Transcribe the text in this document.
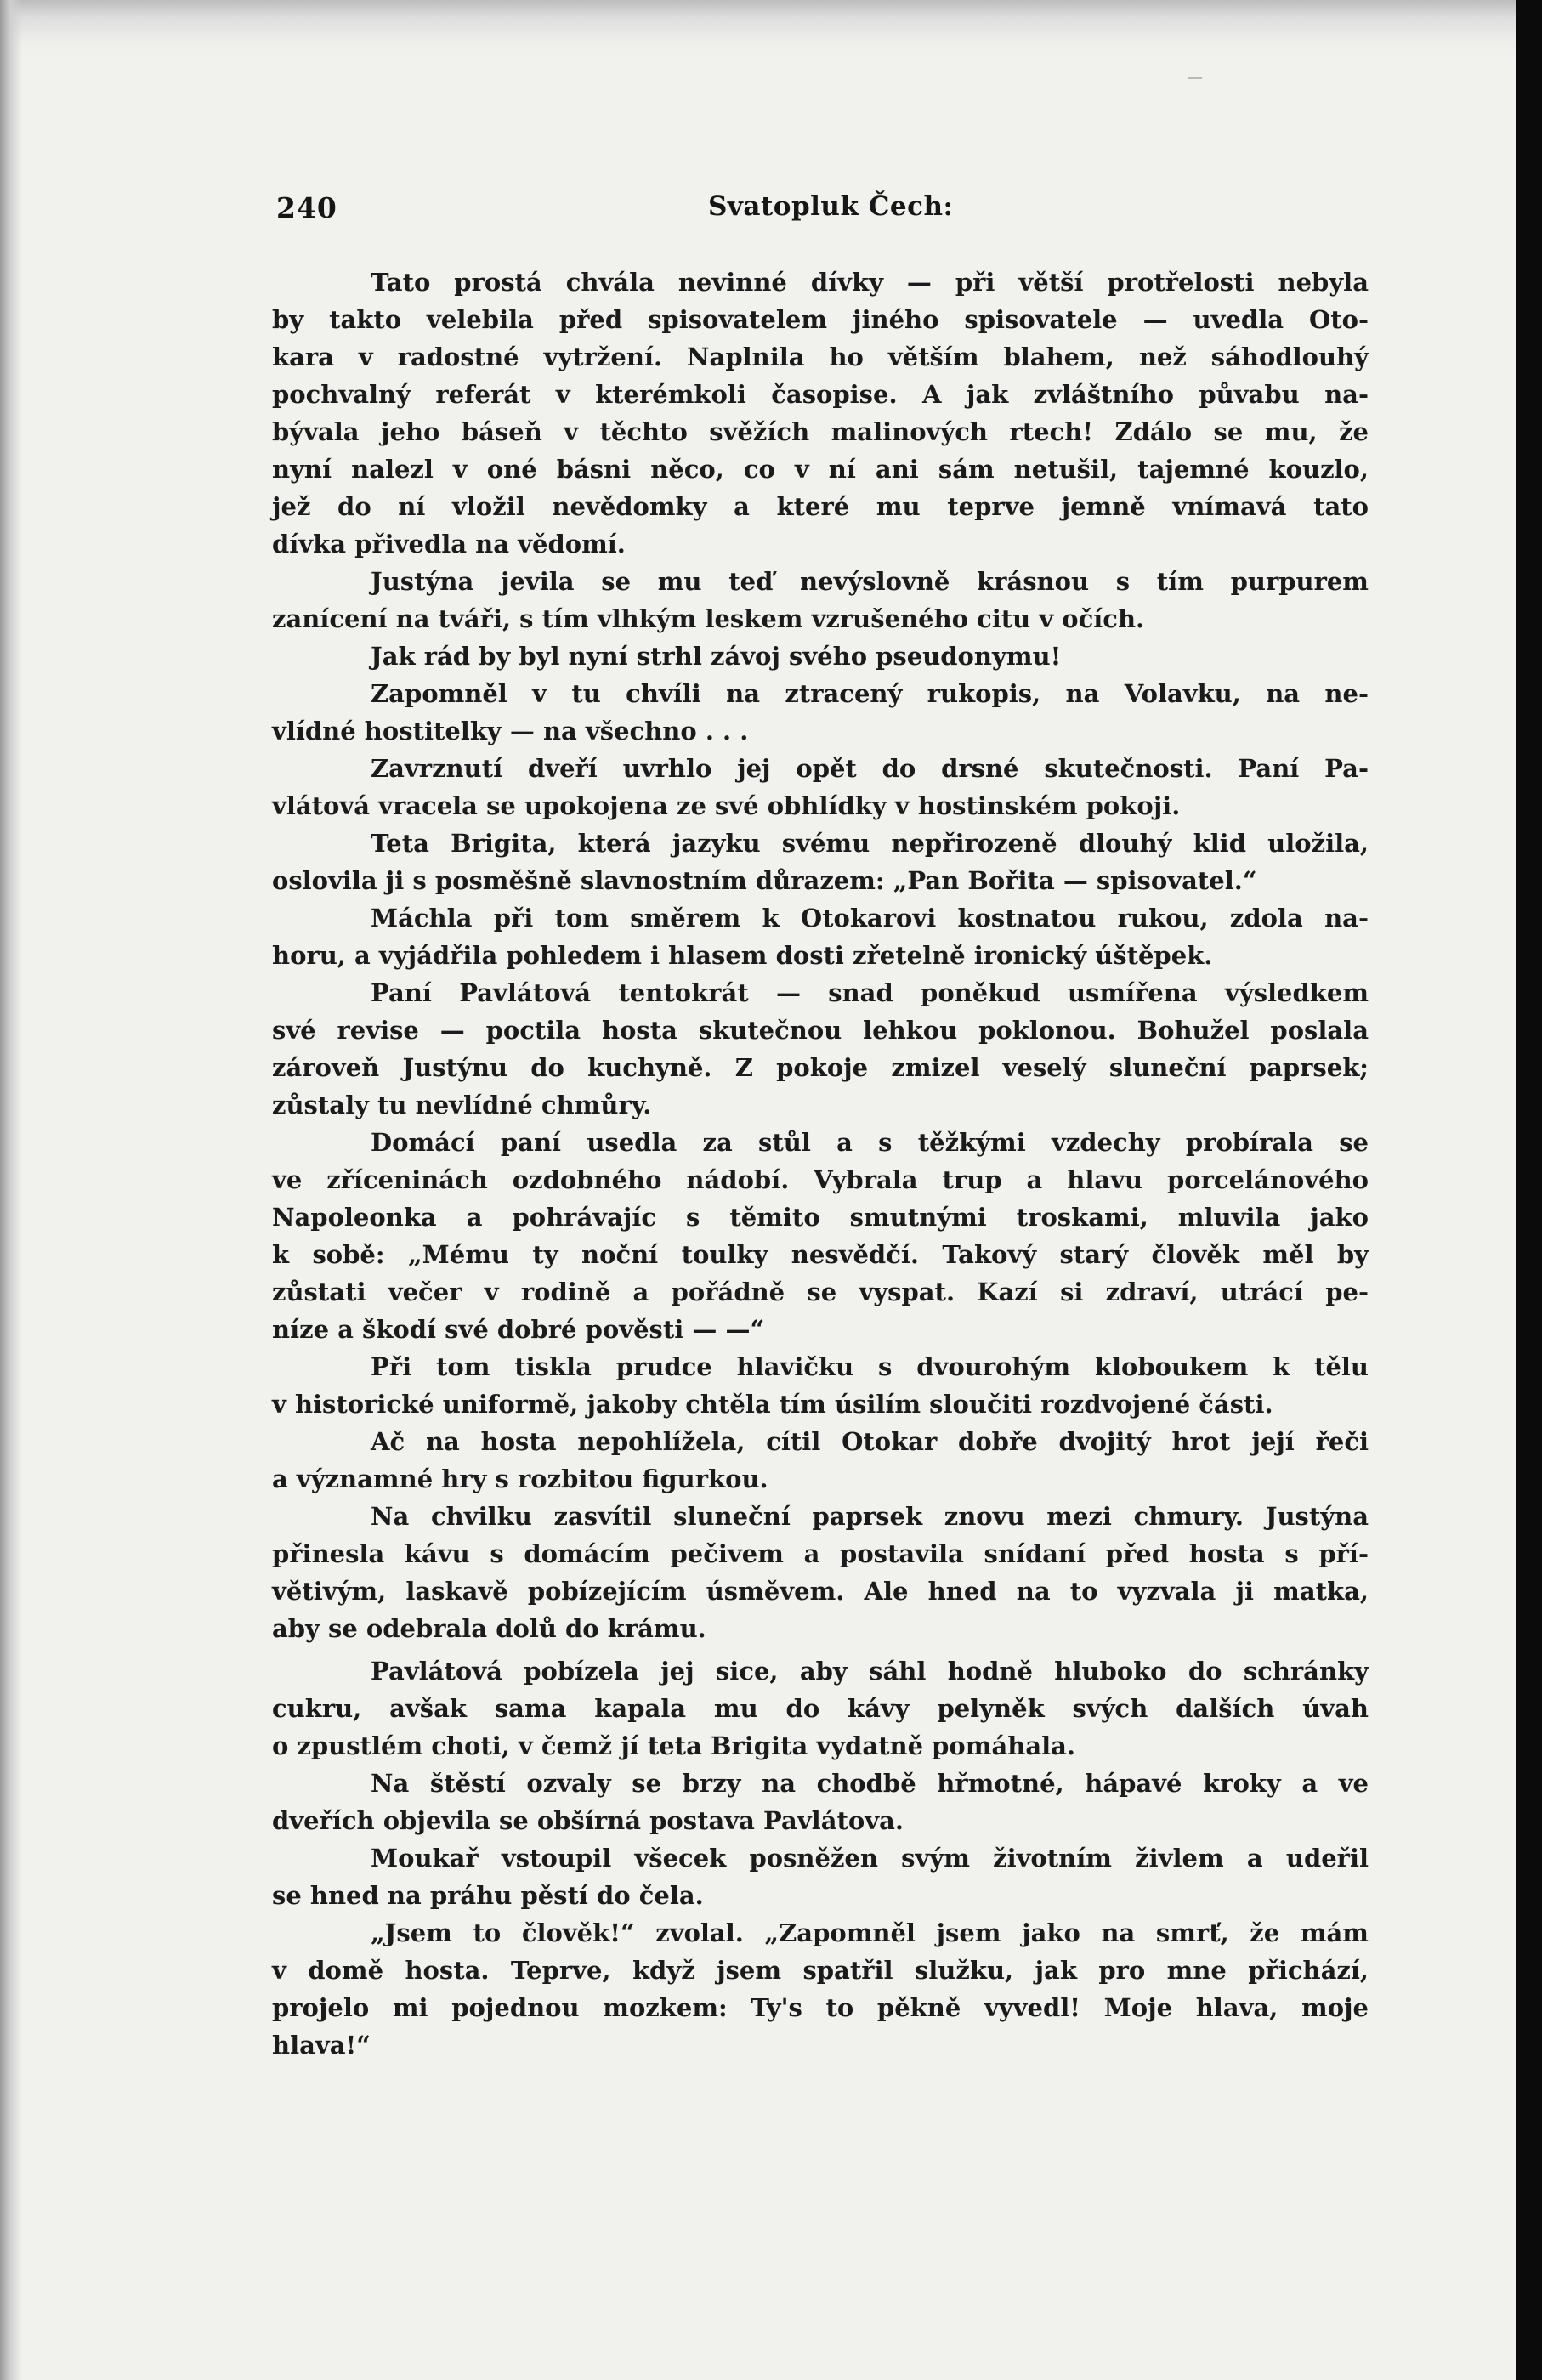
240	Svatopluk Čech:
Tato prostá chvála nevinné dívky — při větší protřelosti nebyla
by takto velebila před spisovatelem jiného spisovatele — uvedla Oto-
kara v radostné vytržení. Naplnila ho větším blahem, než sáhodlouhý
pochvalný referát v kterémkoli časopise. A jak zvláštního půvabu na-
bývala jeho báseň v těchto svěžích malinových rtech! Zdálo se mu, že
nyní nalezl v oné básni něco, co v ní ani sám netušil, tajemné kouzlo,
jež do ní vložil nevědomky a které mu teprve jemně vnímavá tato
dívka přivedla na vědomí.
Justýna jevila se mu teď nevýslovně krásnou s tím purpurem
zanícení na tváři, s tím vlhkým leskem vzrušeného citu v očích.
Jak rád by byl nyní strhl závoj svého pseudonymu!
Zapomněl v tu chvíli na ztracený rukopis, na Volavku, na ne-
vlídné hostitelky — na všechno . . .
Zavrznutí dveří uvrhlo jej opět do drsné skutečnosti. Paní Pa-
vlátová vracela se upokojena ze své obhlídky v hostinském pokoji.
Teta Brigita, která jazyku svému nepřirozeně dlouhý klid uložila,
oslovila ji s posměšně slavnostním důrazem: „Pan Bořita — spisovatel.“
Máchla při tom směrem k Otokarovi kostnatou rukou, zdola na-
horu, a vyjádřila pohledem i hlasem dosti zřetelně ironický úštěpek.
Paní Pavlátová tentokrát — snad poněkud usmířena výsledkem
své revise — poctila hosta skutečnou lehkou poklonou. Bohužel poslala
zároveň Justýnu do kuchyně. Z pokoje zmizel veselý sluneční paprsek;
zůstaly tu nevlídné chmůry.
Domácí paní usedla za stůl a s těžkými vzdechy probírala se
ve zříceninách ozdobného nádobí. Vybrala trup a hlavu porcelánového
Napoleonka a pohrávajíc s těmito smutnými troskami, mluvila jako
k sobě: „Mému ty noční toulky nesvědčí. Takový starý člověk měl by
zůstati večer v rodině a pořádně se vyspat. Kazí si zdraví, utrácí pe-
níze a škodí své dobré pověsti — —“
Při tom tiskla prudce hlavičku s dvourohým kloboukem k tělu
v historické uniformě, jakoby chtěla tím úsilím sloučiti rozdvojené části.
Ač na hosta nepohlížela, cítil Otokar dobře dvojitý hrot její řeči
a významné hry s rozbitou figurkou.
Na chvilku zasvítil sluneční paprsek znovu mezi chmury. Justýna
přinesla kávu s domácím pečivem a postavila snídaní před hosta s pří-
větivým, laskavě pobízejícím úsměvem. Ale hned na to vyzvala ji matka,
aby se odebrala dolů do krámu.
Pavlátová pobízela jej sice, aby sáhl hodně hluboko do schránky
cukru, avšak sama kapala mu do kávy pelyněk svých dalších úvah
o zpustlém choti, v čemž jí teta Brigita vydatně pomáhala.
Na štěstí ozvaly se brzy na chodbě hřmotné, hápavé kroky a ve
dveřích objevila se obšírná postava Pavlátova.
Moukař vstoupil všecek posněžen svým životním živlem a udeřil
se hned na práhu pěstí do čela.
„Jsem to člověk!“ zvolal. „Zapomněl jsem jako na smrť, že mám
v domě hosta. Teprve, když jsem spatřil služku, jak pro mne přichází,
projelo mi pojednou mozkem: Ty's to pěkně vyvedl! Moje hlava, moje
hlava!“
